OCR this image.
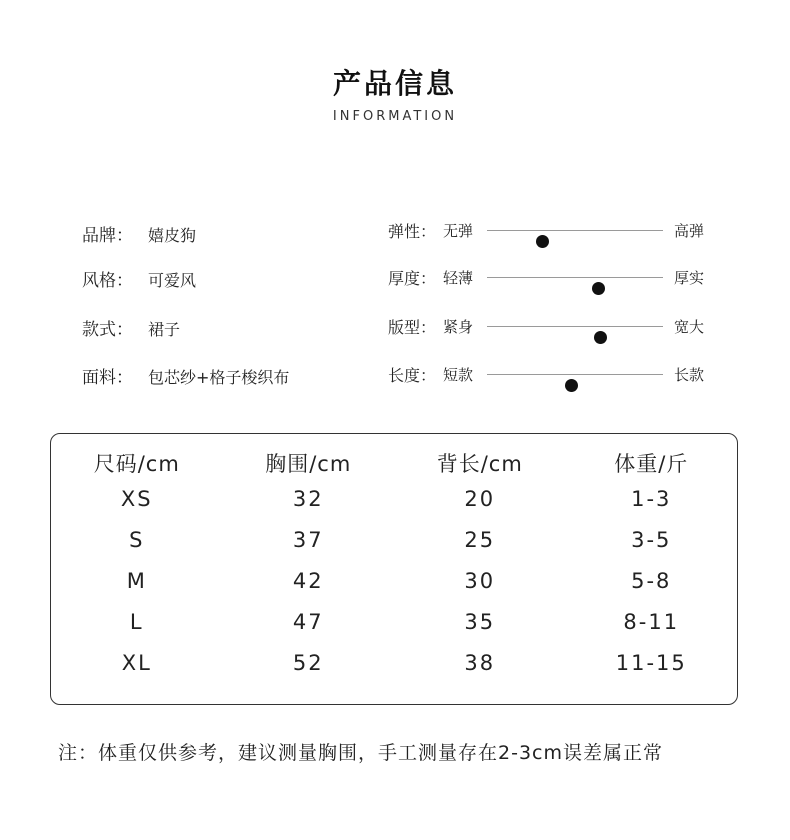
产品信息
INFORMATION
品牌： 嬉皮狗
风格： 可爱风
款式： 裙子
面料： 包芯纱+格子梭织布
弹性： 无弹	高弹
厚度： 轻薄	厚实
版型： 紧身	宽大
长度： 短款	长款
尺码/cm	胸围/cm	背长/cm	体重/斤
XS	32	20	1-3
S	37	25	3-5
M	42	30	5-8
L	47	35	8-11
XL	52	38	11-15
注：体重仅供参考，建议测量胸围，手工测量存在2-3cm误差属正常
